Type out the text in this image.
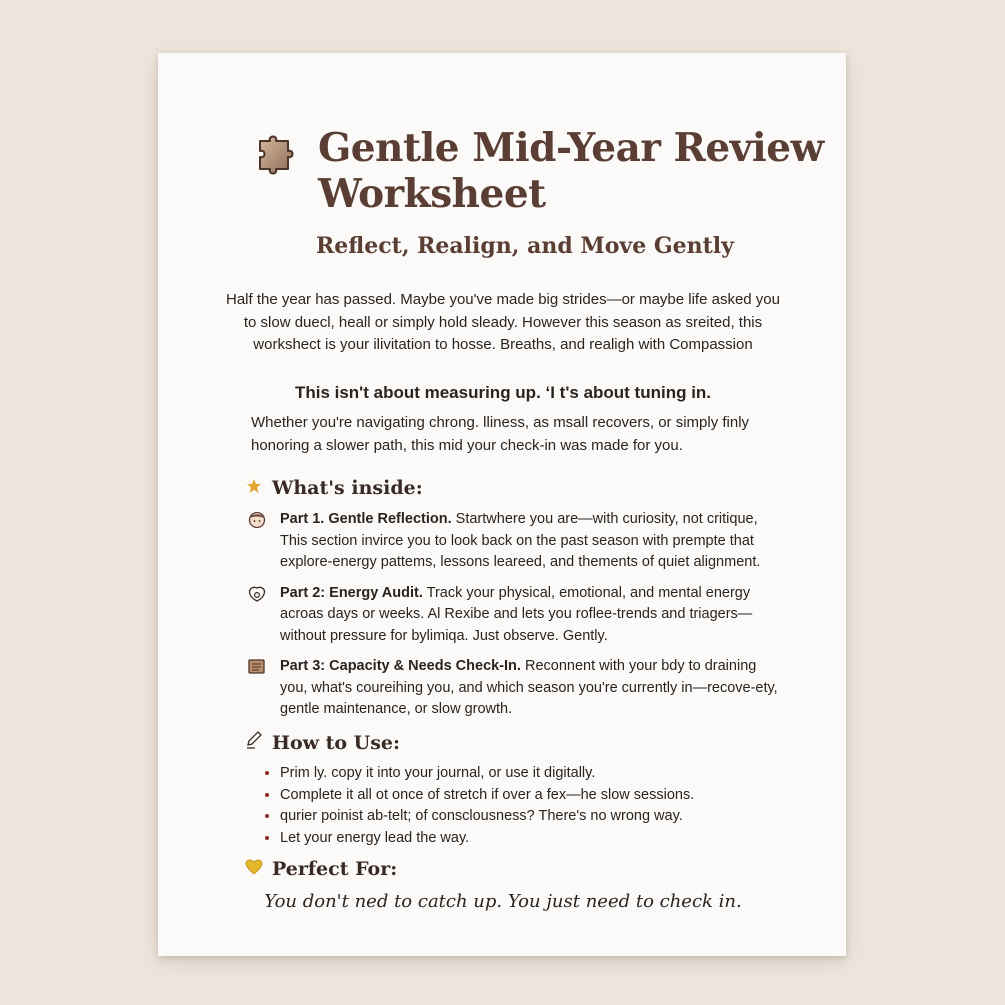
Gentle Mid-Year Review
Worksheet
Reflect, Realign, and Move Gently

Half the year has passed. Maybe you've made big strides—or maybe life asked you to slow duecl, heall or simply hold sleady. However this season as sreited, this workshect is your ilivitation to hosse. Breaths, and realigh with Compassion

This isn't about measuring up. ‘I t's about tuning in.

Whether you're navigating chrong. lliness, as msall recovers, or simply finly honoring a slower path, this mid your check-in was made for you.

What's inside:
Part 1. Gentle Reflection. Startwhere you are—with curiosity, not critique, This section invirce you to look back on the past season with prempte that explore-energy pattems, lessons leareed, and thements of quiet alignment.
Part 2: Energy Audit. Track your physical, emotional, and mental energy acroas days or weeks. Al Rexibe and lets you roflee-trends and triagers—without pressure for bylimiqa. Just observe. Gently.
Part 3: Capacity & Needs Check-In. Reconnent with your bdy to draining you, what's coureihing you, and which season you're currently in—recove-ety, gentle maintenance, or slow growth.
How to Use:
• Prim ly. copy it into your journal, or use it digitally.
• Complete it all ot once of stretch if over a fex—he slow sessions.
• qurier poinist ab-telt; of consclousness? There's no wrong way.
• Let your energy lead the way.
Perfect For:

You don't ned to catch up. You just need to check in.
